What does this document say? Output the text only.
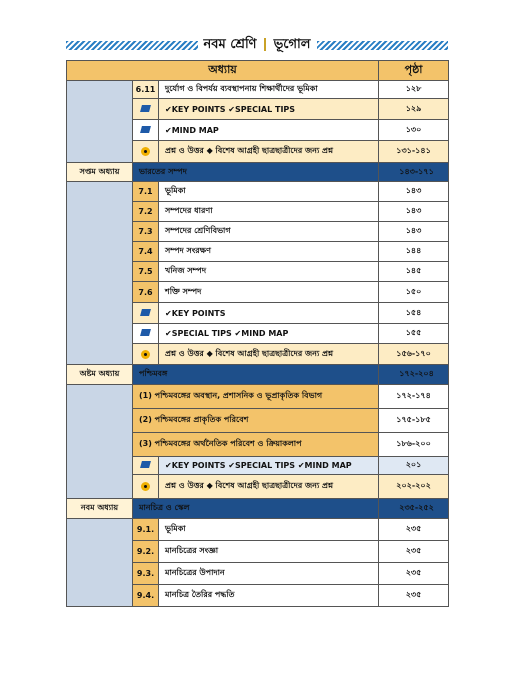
নবম শ্রেণি ভূগোল
অধ্যায়			পৃষ্ঠা
	6.11	দুর্যোগ ও বিপর্যয় ব্যবস্থাপনায় শিক্ষার্থীদের ভূমিকা	১২৮
		✔KEY POINTS ✔SPECIAL TIPS	১২৯
		✔MIND MAP	১৩০
		প্রশ্ন ও উত্তর ◆ বিশেষ আগ্রহী ছাত্রছাত্রীদের জন্য প্রশ্ন	১৩১-১৪১
সপ্তম অধ্যায়	ভারতের সম্পদ		১৪৩-১৭১
	7.1	ভূমিকা	১৪৩
	7.2	সম্পদের ধারণা	১৪৩
	7.3	সম্পদের শ্রেণিবিভাগ	১৪৩
	7.4	সম্পদ সংরক্ষণ	১৪৪
	7.5	খনিজ সম্পদ	১৪৫
	7.6	শক্তি সম্পদ	১৫০
		✔KEY POINTS	১৫৪
		✔SPECIAL TIPS ✔MIND MAP	১৫৫
		প্রশ্ন ও উত্তর ◆ বিশেষ আগ্রহী ছাত্রছাত্রীদের জন্য প্রশ্ন	১৫৬-১৭০
অষ্টম অধ্যায়	পশ্চিমবঙ্গ		১৭২-২০৪
	(1) পশ্চিমবঙ্গের অবস্থান, প্রশাসনিক ও ভূপ্রাকৃতিক বিভাগ		১৭২-১৭৪
	(2) পশ্চিমবঙ্গের প্রাকৃতিক পরিবেশ		১৭৫-১৮৫
	(3) পশ্চিমবঙ্গের অর্থনৈতিক পরিবেশ ও ক্রিয়াকলাপ		১৮৬-২০০
		✔KEY POINTS ✔SPECIAL TIPS ✔MIND MAP	২০১
		প্রশ্ন ও উত্তর ◆ বিশেষ আগ্রহী ছাত্রছাত্রীদের জন্য প্রশ্ন	২০২-২০২
নবম অধ্যায়	মানচিত্র ও স্কেল		২৩৫-২৫২
	9.1.	ভূমিকা	২৩৫
	9.2.	মানচিত্রের সংজ্ঞা	২৩৫
	9.3.	মানচিত্রের উপাদান	২৩৫
	9.4.	মানচিত্র তৈরির পদ্ধতি	২৩৫
